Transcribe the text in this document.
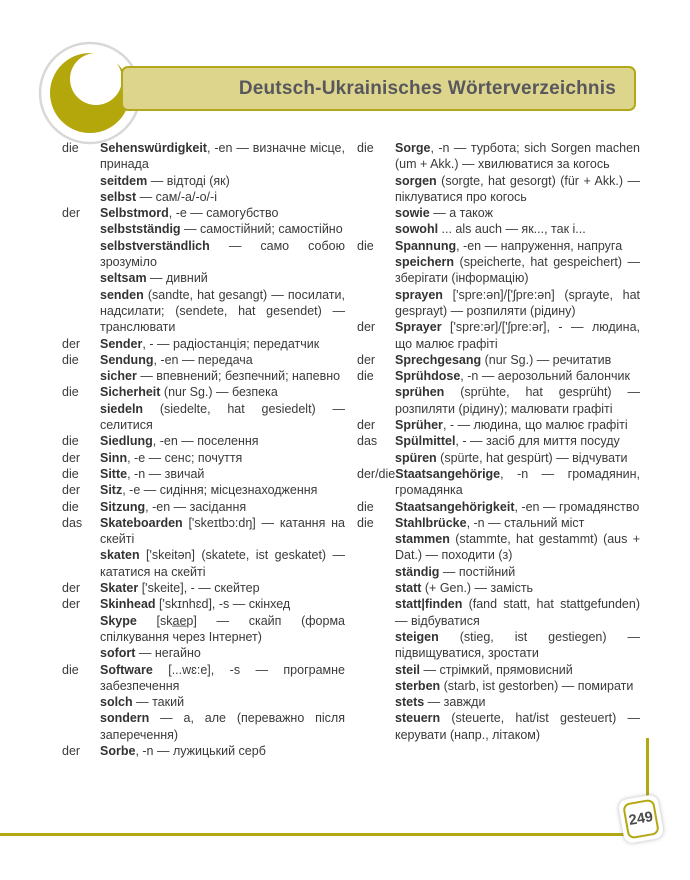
Deutsch-Ukrainisches Wörterverzeichnis
die Sehenswürdigkeit, -en — визначне місце, принада
seitdem — відтоді (як)
selbst — сам/-а/-о/-і
der Selbstmord, -e — самогубство
selbstständig — самостійний; самостійно
selbstverständlich — само собою зрозуміло
seltsam — дивний
senden (sandte, hat gesangt) — посилати, надсилати; (sendete, hat gesendet) — транслювати
der Sender, - — радіостанція; передатчик
die Sendung, -en — передача
sicher — впевнений; безпечний; напевно
die Sicherheit (nur Sg.) — безпека
siedeln (siedelte, hat gesiedelt) — селитися
die Siedlung, -en — поселення
der Sinn, -e — сенс; почуття
die Sitte, -n — звичай
der Sitz, -e — сидіння; місцезнаходження
die Sitzung, -en — засідання
das Skateboarden ['skeɪtbɔ:dŋ] — катання на скейті
skaten ['skeitən] (skatete, ist geskatet) — кататися на скейті
der Skater ['skeite], - — скейтер
der Skinhead ['skɪnhɛd], -s — скінхед
Skype [ska̲e̲p] — скайп (форма спілкування через Інтернет)
sofort — негайно
die Software [...wɛ:e], -s — програмне забезпечення
solch — такий
sondern — а, але (переважно після заперечення)
der Sorbe, -n — лужицький серб
die Sorge, -n — турбота; sich Sorgen machen (um + Akk.) — хвилюватися за когось
sorgen (sorgte, hat gesorgt) (für + Akk.) — піклуватися про когось
sowie — а також
sowohl ... als auch — як..., так і...
die Spannung, -en — напруження, напруга
speichern (speicherte, hat gespeichert) — зберігати (інформацію)
sprayen ['spre:ən]/['ʃpre:ən] (sprayte, hat gesprayt) — розпиляти (рідину)
der Sprayer ['spre:ər]/['ʃpre:ər], - — людина, що малює графіті
der Sprechgesang (nur Sg.) — речитатив
die Sprühdose, -n — аерозольний балончик
sprühen (sprühte, hat gesprüht) — розпиляти (рідину); малювати графіті
der Sprüher, - — людина, що малює графіті
das Spülmittel, - — засіб для миття посуду
spüren (spürte, hat gespürt) — відчувати
der/dieStaatsangehörige, -n — громадянин, громадянка
die Staatsangehörigkeit, -en — громадянство
die Stahlbrücke, -n — стальний міст
stammen (stammte, hat gestammt) (aus + Dat.) — походити (з)
ständig — постійний
statt (+ Gen.) — замість
statt|finden (fand statt, hat stattgefunden) — відбуватися
steigen (stieg, ist gestiegen) — підвищуватися, зростати
steil — стрімкий, прямовисний
sterben (starb, ist gestorben) — помирати
stets — завжди
steuern (steuerte, hat/ist gesteuert) — керувати (напр., літаком)
249
